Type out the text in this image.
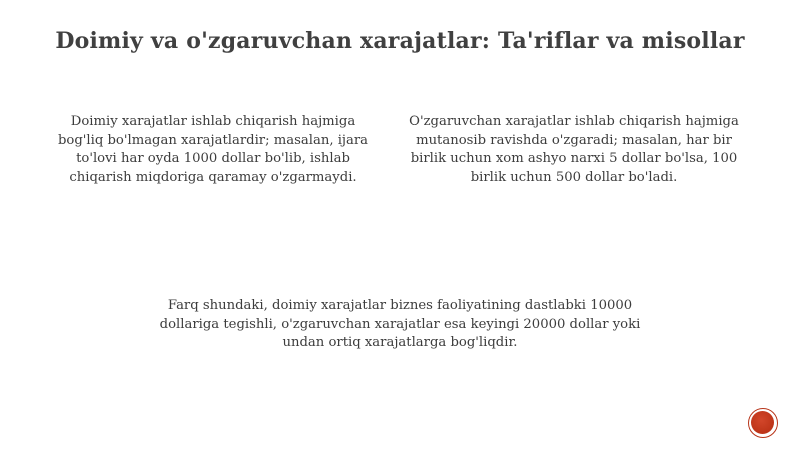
Doimiy va o'zgaruvchan xarajatlar: Ta'riflar va misollar
Doimiy xarajatlar ishlab chiqarish hajmiga bog'liq bo'lmagan xarajatlardir; masalan, ijara to'lovi har oyda 1000 dollar bo'lib, ishlab chiqarish miqdoriga qaramay o'zgarmaydi.
O'zgaruvchan xarajatlar ishlab chiqarish hajmiga mutanosib ravishda o'zgaradi; masalan, har bir birlik uchun xom ashyo narxi 5 dollar bo'lsa, 100 birlik uchun 500 dollar bo'ladi.
Farq shundaki, doimiy xarajatlar biznes faoliyatining dastlabki 10000 dollariga tegishli, o'zgaruvchan xarajatlar esa keyingi 20000 dollar yoki undan ortiq xarajatlarga bog'liqdir.
